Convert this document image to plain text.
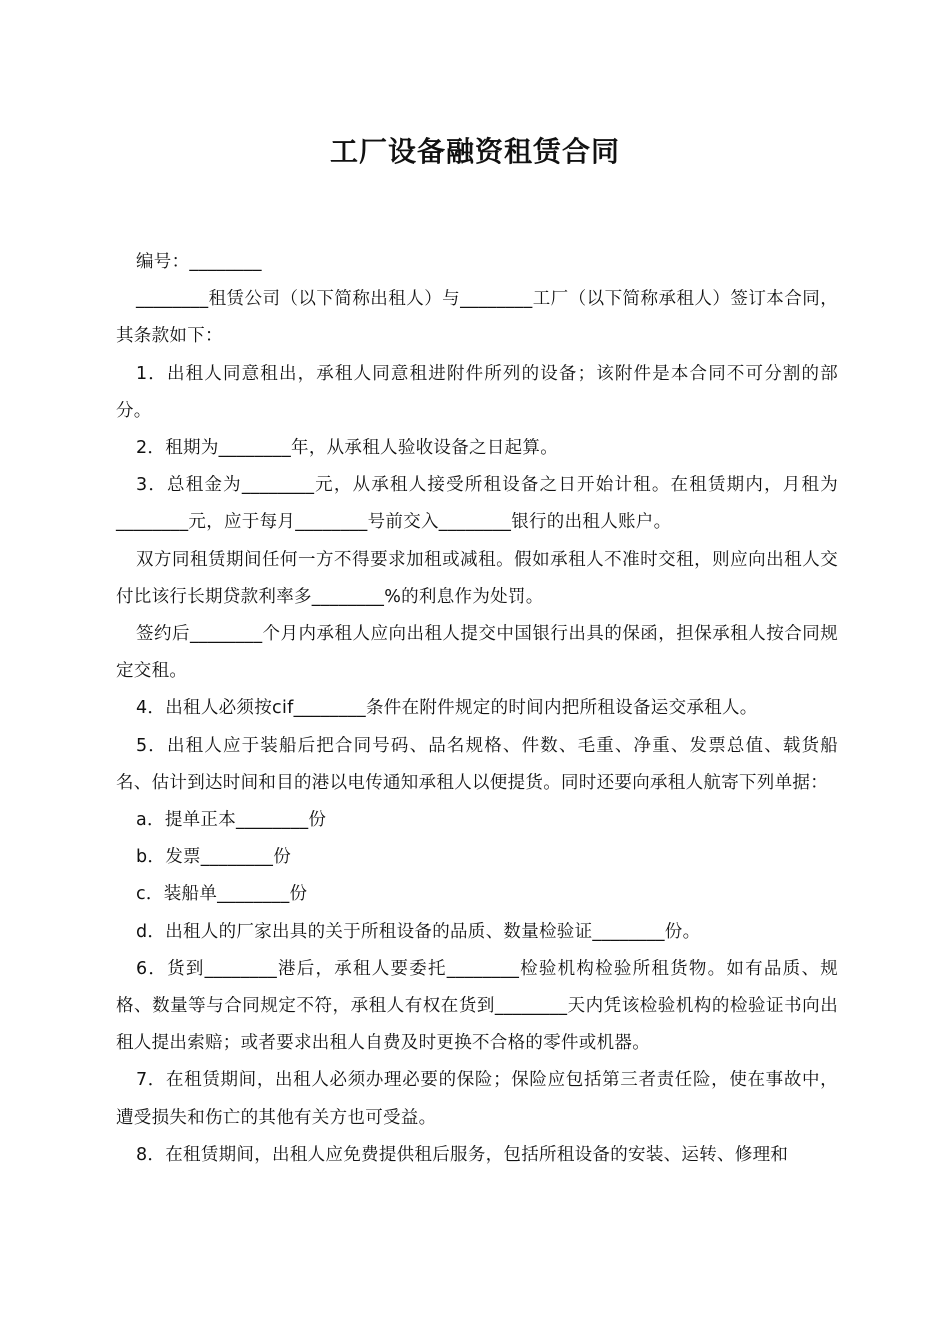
工厂设备融资租赁合同

编号：________

________租赁公司（以下简称出租人）与________工厂（以下简称承租人）签订本合同，其条款如下：

1．出租人同意租出，承租人同意租进附件所列的设备；该附件是本合同不可分割的部分。

2．租期为________年，从承租人验收设备之日起算。

3．总租金为________元，从承租人接受所租设备之日开始计租。在租赁期内，月租为________元，应于每月________号前交入________银行的出租人账户。

双方同租赁期间任何一方不得要求加租或减租。假如承租人不准时交租，则应向出租人交付比该行长期贷款利率多________%的利息作为处罚。

签约后________个月内承租人应向出租人提交中国银行出具的保函，担保承租人按合同规定交租。

4．出租人必须按cif________条件在附件规定的时间内把所租设备运交承租人。

5．出租人应于装船后把合同号码、品名规格、件数、毛重、净重、发票总值、载货船名、估计到达时间和目的港以电传通知承租人以便提货。同时还要向承租人航寄下列单据：

a．提单正本________份

b．发票________份

c．装船单________份

d．出租人的厂家出具的关于所租设备的品质、数量检验证________份。

6．货到________港后，承租人要委托________检验机构检验所租货物。如有品质、规格、数量等与合同规定不符，承租人有权在货到________天内凭该检验机构的检验证书向出租人提出索赔；或者要求出租人自费及时更换不合格的零件或机器。

7．在租赁期间，出租人必须办理必要的保险；保险应包括第三者责任险，使在事故中，遭受损失和伤亡的其他有关方也可受益。

8．在租赁期间，出租人应免费提供租后服务，包括所租设备的安装、运转、修理和
